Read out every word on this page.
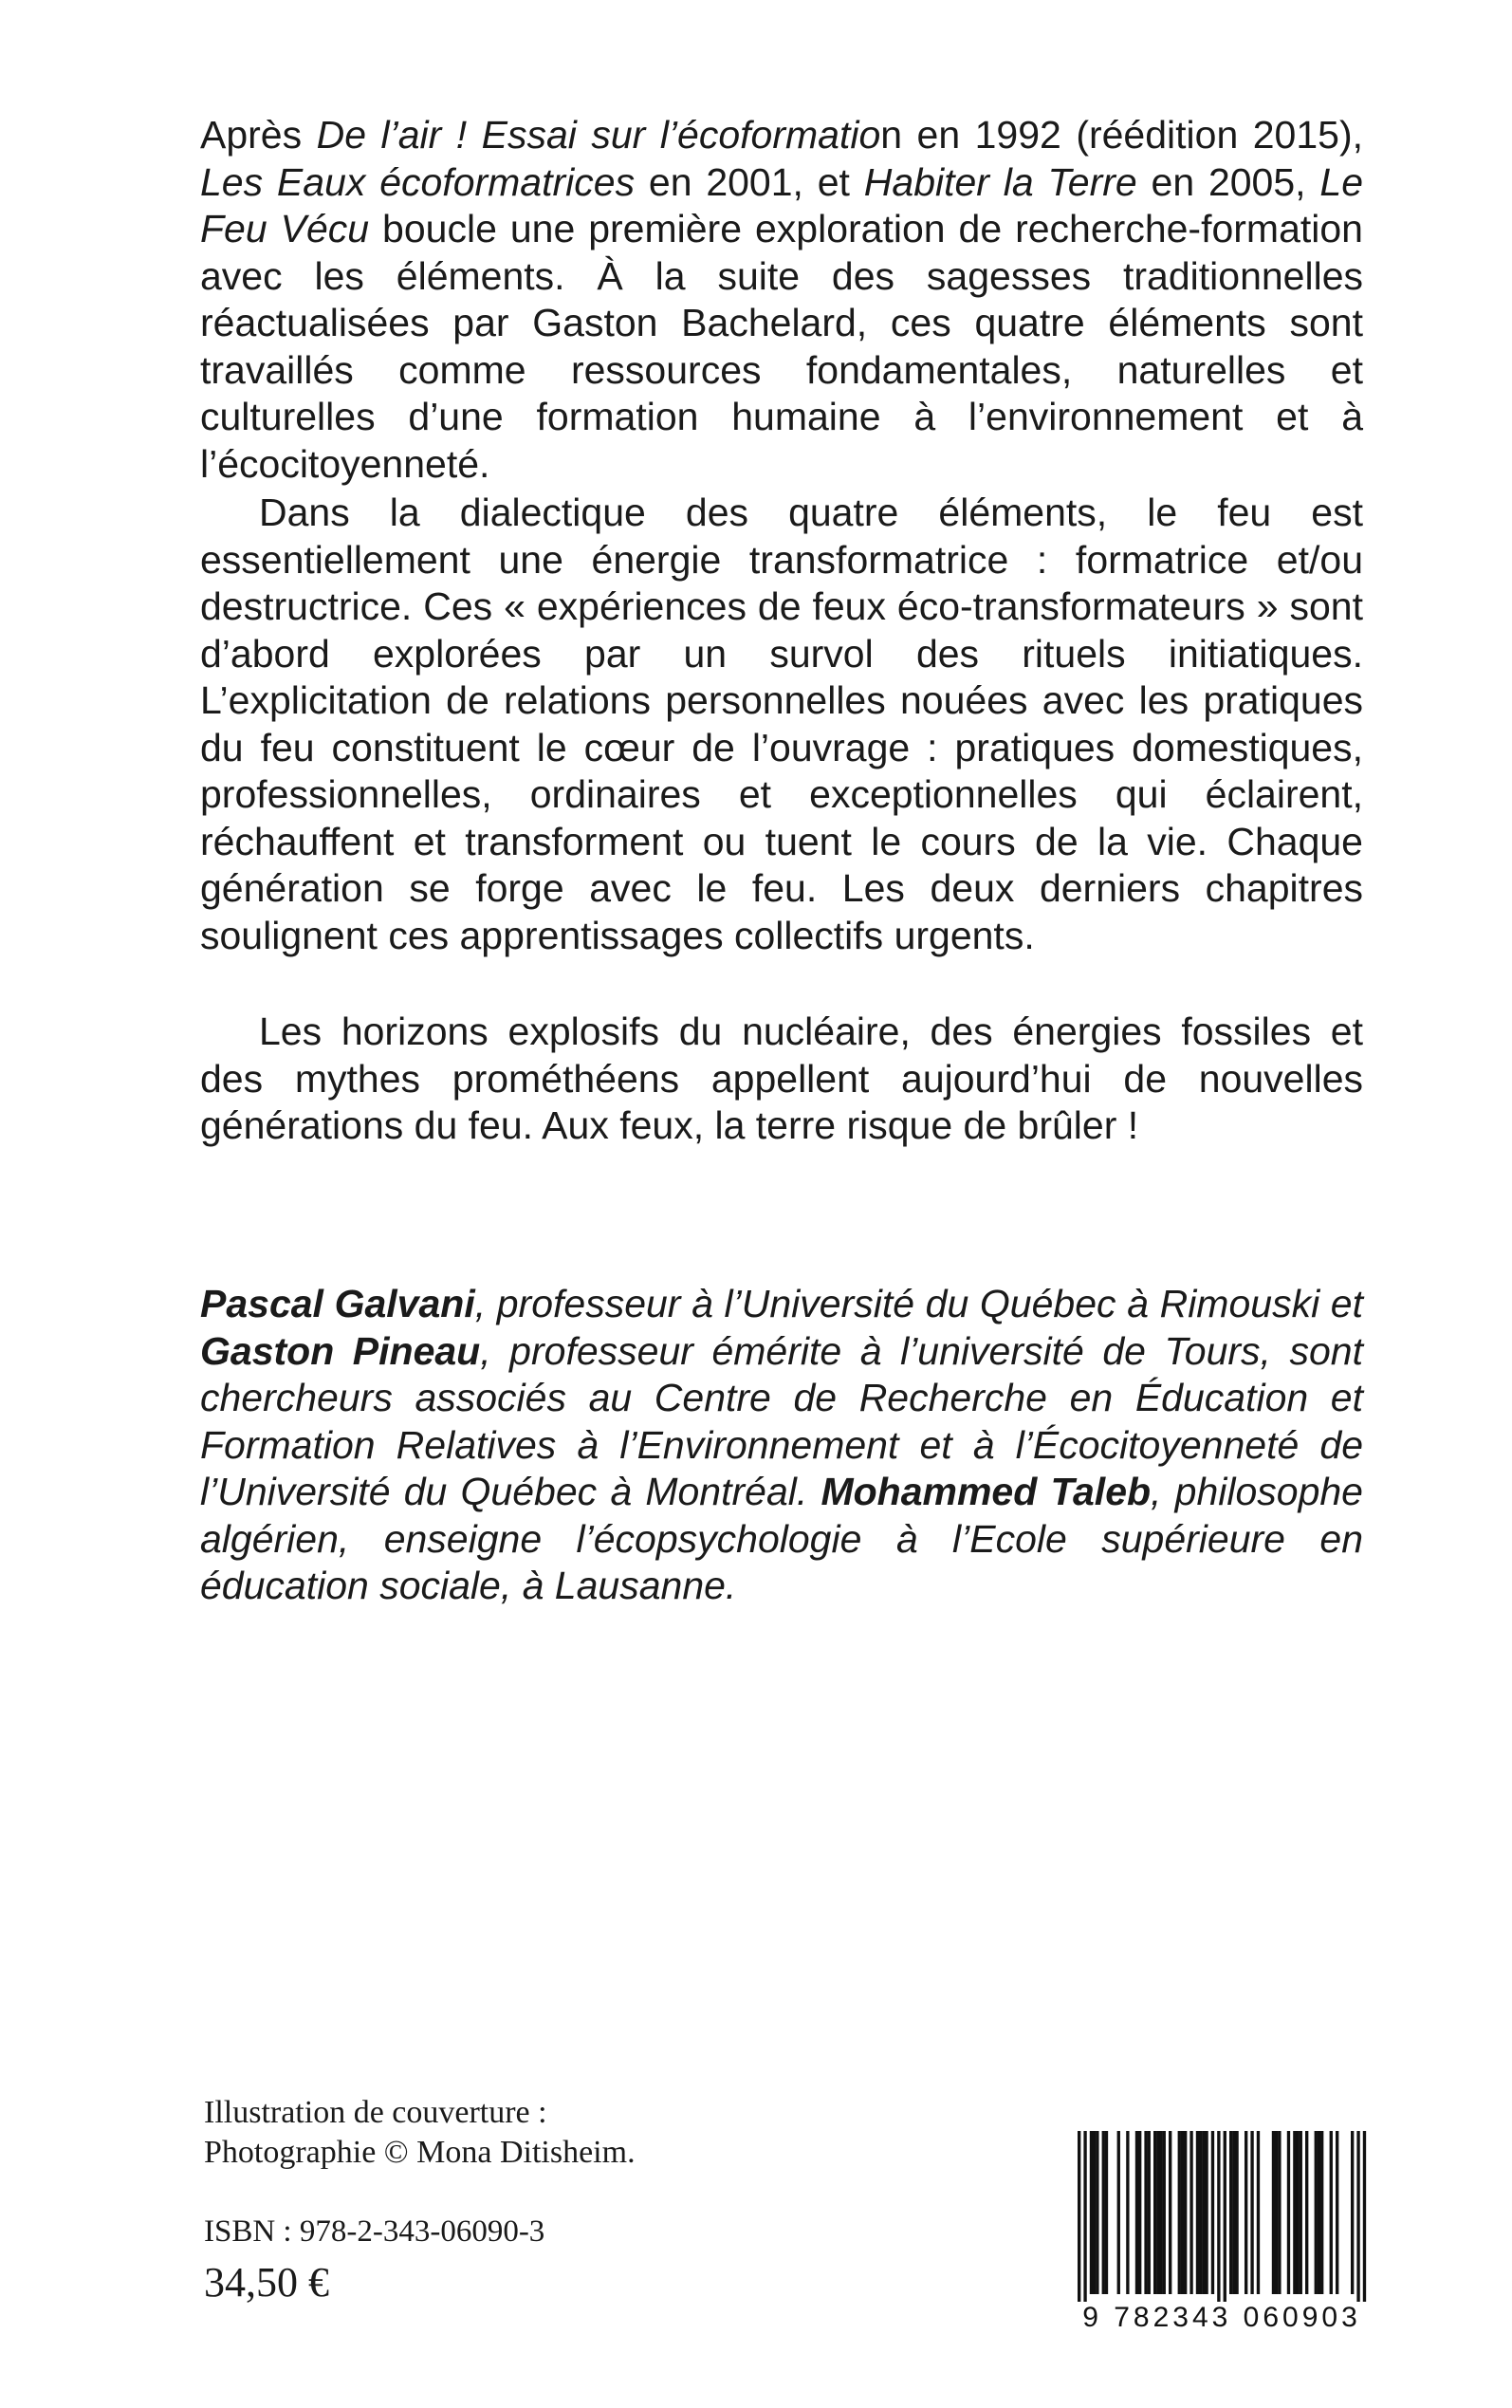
Après De l’air ! Essai sur l’écoformation en 1992 (réédition 2015), Les Eaux écoformatrices en 2001, et Habiter la Terre en 2005, Le Feu Vécu boucle une première exploration de recherche-formation avec les éléments. À la suite des sagesses traditionnelles réactualisées par Gaston Bachelard, ces quatre éléments sont travaillés comme ressources fondamentales, naturelles et culturelles d’une formation humaine à l’environnement et à l’écocitoyenneté.

Dans la dialectique des quatre éléments, le feu est essentiellement une énergie transformatrice : formatrice et/ou destructrice. Ces « expériences de feux éco-transformateurs » sont d’abord explorées par un survol des rituels initiatiques. L’explicitation de relations personnelles nouées avec les pratiques du feu constituent le cœur de l’ouvrage : pratiques domestiques, professionnelles, ordinaires et exceptionnelles qui éclairent, réchauffent et transforment ou tuent le cours de la vie. Chaque génération se forge avec le feu. Les deux derniers chapitres soulignent ces apprentissages collectifs urgents.

Les horizons explosifs du nucléaire, des énergies fossiles et des mythes prométhéens appellent aujourd’hui de nouvelles générations du feu. Aux feux, la terre risque de brûler !

Pascal Galvani, professeur à l’Université du Québec à Rimouski et Gaston Pineau, professeur émérite à l’université de Tours, sont chercheurs associés au Centre de Recherche en Éducation et Formation Relatives à l’Environnement et à l’Écocitoyenneté de l’Université du Québec à Montréal. Mohammed Taleb, philosophe algérien, enseigne l’écopsychologie à l’Ecole supérieure en éducation sociale, à Lausanne.

Illustration de couverture :
Photographie © Mona Ditisheim.
ISBN : 978-2-343-06090-3
34,50 €
9 782343 060903
